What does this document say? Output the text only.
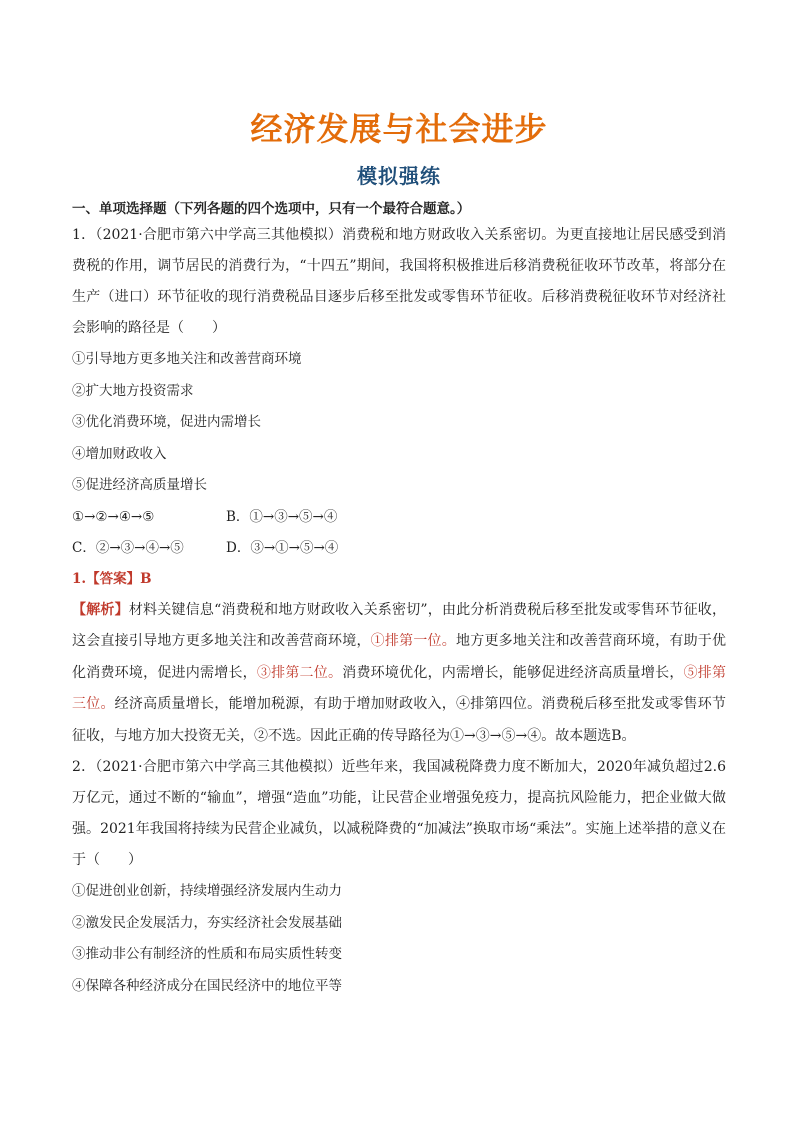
经济发展与社会进步
模拟强练
一、单项选择题（下列各题的四个选项中，只有一个最符合题意。）

1．（2021·合肥市第六中学高三其他模拟）消费税和地方财政收入关系密切。为更直接地让居民感受到消费税的作用，调节居民的消费行为，“十四五”期间，我国将积极推进后移消费税征收环节改革，将部分在生产（进口）环节征收的现行消费税品目逐步后移至批发或零售环节征收。后移消费税征收环节对经济社会影响的路径是（　　）

①引导地方更多地关注和改善营商环境

②扩大地方投资需求

③优化消费环境，促进内需增长

④增加财政收入

⑤促进经济高质量增长

①→②→④→⑤	B．①→③→⑤→④
C．②→③→④→⑤	D．③→①→⑤→④
1.【答案】B

【解析】材料关键信息“消费税和地方财政收入关系密切”，由此分析消费税后移至批发或零售环节征收，这会直接引导地方更多地关注和改善营商环境，①排第一位。地方更多地关注和改善营商环境，有助于优化消费环境，促进内需增长，③排第二位。消费环境优化，内需增长，能够促进经济高质量增长，⑤排第三位。经济高质量增长，能增加税源，有助于增加财政收入，④排第四位。消费税后移至批发或零售环节征收，与地方加大投资无关，②不选。因此正确的传导路径为①→③→⑤→④。故本题选B。

2．（2021·合肥市第六中学高三其他模拟）近些年来，我国减税降费力度不断加大，2020年减负超过2.6万亿元，通过不断的“输血”，增强“造血”功能，让民营企业增强免疫力，提高抗风险能力，把企业做大做强。2021年我国将持续为民营企业减负，以减税降费的“加减法”换取市场“乘法”。实施上述举措的意义在于（　　）

①促进创业创新，持续增强经济发展内生动力

②激发民企发展活力，夯实经济社会发展基础

③推动非公有制经济的性质和布局实质性转变

④保障各种经济成分在国民经济中的地位平等
